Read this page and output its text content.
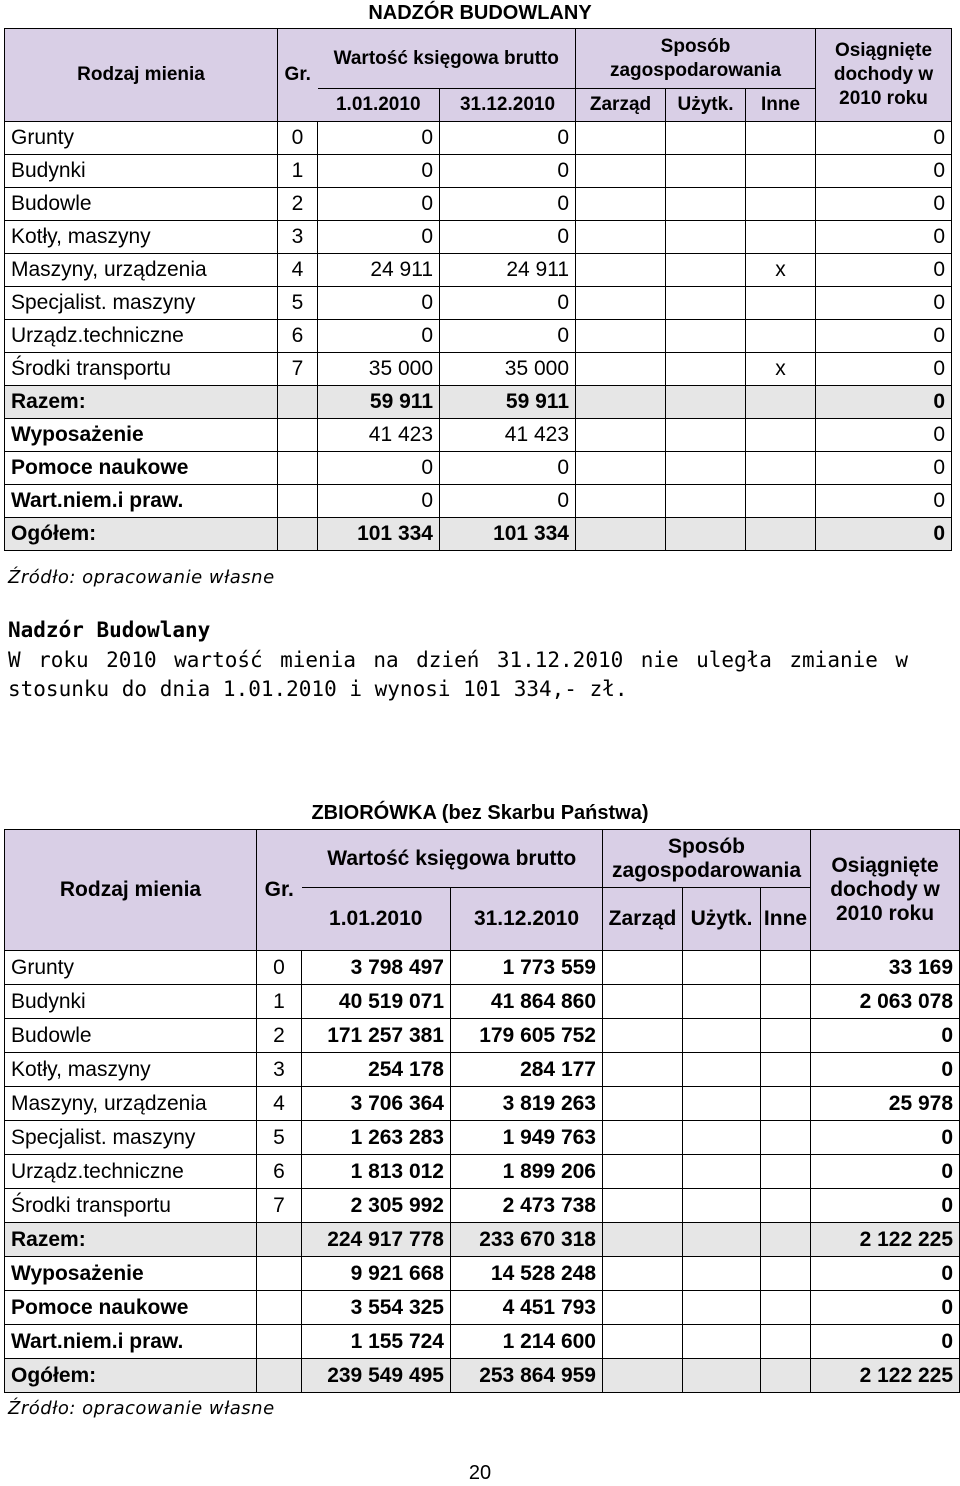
NADZÓR BUDOWLANY
Rodzaj mienia	Gr.	Wartość księgowa brutto		Sposób zagospodarowania			Osiągnięte dochody w 2010 roku
		1.01.2010	31.12.2010	Zarząd	Użytk.	Inne	
Grunty	0	0	0				0
Budynki	1	0	0				0
Budowle	2	0	0				0
Kotły, maszyny	3	0	0				0
Maszyny, urządzenia	4	24 911	24 911			x	0
Specjalist. maszyny	5	0	0				0
Urządz.techniczne	6	0	0				0
Środki transportu	7	35 000	35 000			x	0
Razem:		59 911	59 911				0
Wyposażenie		41 423	41 423				0
Pomoce naukowe		0	0				0
Wart.niem.i praw.		0	0				0
Ogółem:		101 334	101 334				0
Źródło: opracowanie własne
Nadzór Budowlany
W roku 2010 wartość mienia na dzień 31.12.2010 nie uległa zmianie w stosunku do dnia 1.01.2010 i wynosi 101 334,- zł.
ZBIORÓWKA (bez Skarbu Państwa)
Rodzaj mienia	Gr.	Wartość księgowa brutto		Sposób zagospodarowania			Osiągnięte dochody w 2010 roku
		1.01.2010	31.12.2010	Zarząd	Użytk.	Inne	
Grunty	0	3 798 497	1 773 559				33 169
Budynki	1	40 519 071	41 864 860				2 063 078
Budowle	2	171 257 381	179 605 752				0
Kotły, maszyny	3	254 178	284 177				0
Maszyny, urządzenia	4	3 706 364	3 819 263				25 978
Specjalist. maszyny	5	1 263 283	1 949 763				0
Urządz.techniczne	6	1 813 012	1 899 206				0
Środki transportu	7	2 305 992	2 473 738				0
Razem:		224 917 778	233 670 318				2 122 225
Wyposażenie		9 921 668	14 528 248				0
Pomoce naukowe		3 554 325	4 451 793				0
Wart.niem.i praw.		1 155 724	1 214 600				0
Ogółem:		239 549 495	253 864 959				2 122 225
Źródło: opracowanie własne
20
